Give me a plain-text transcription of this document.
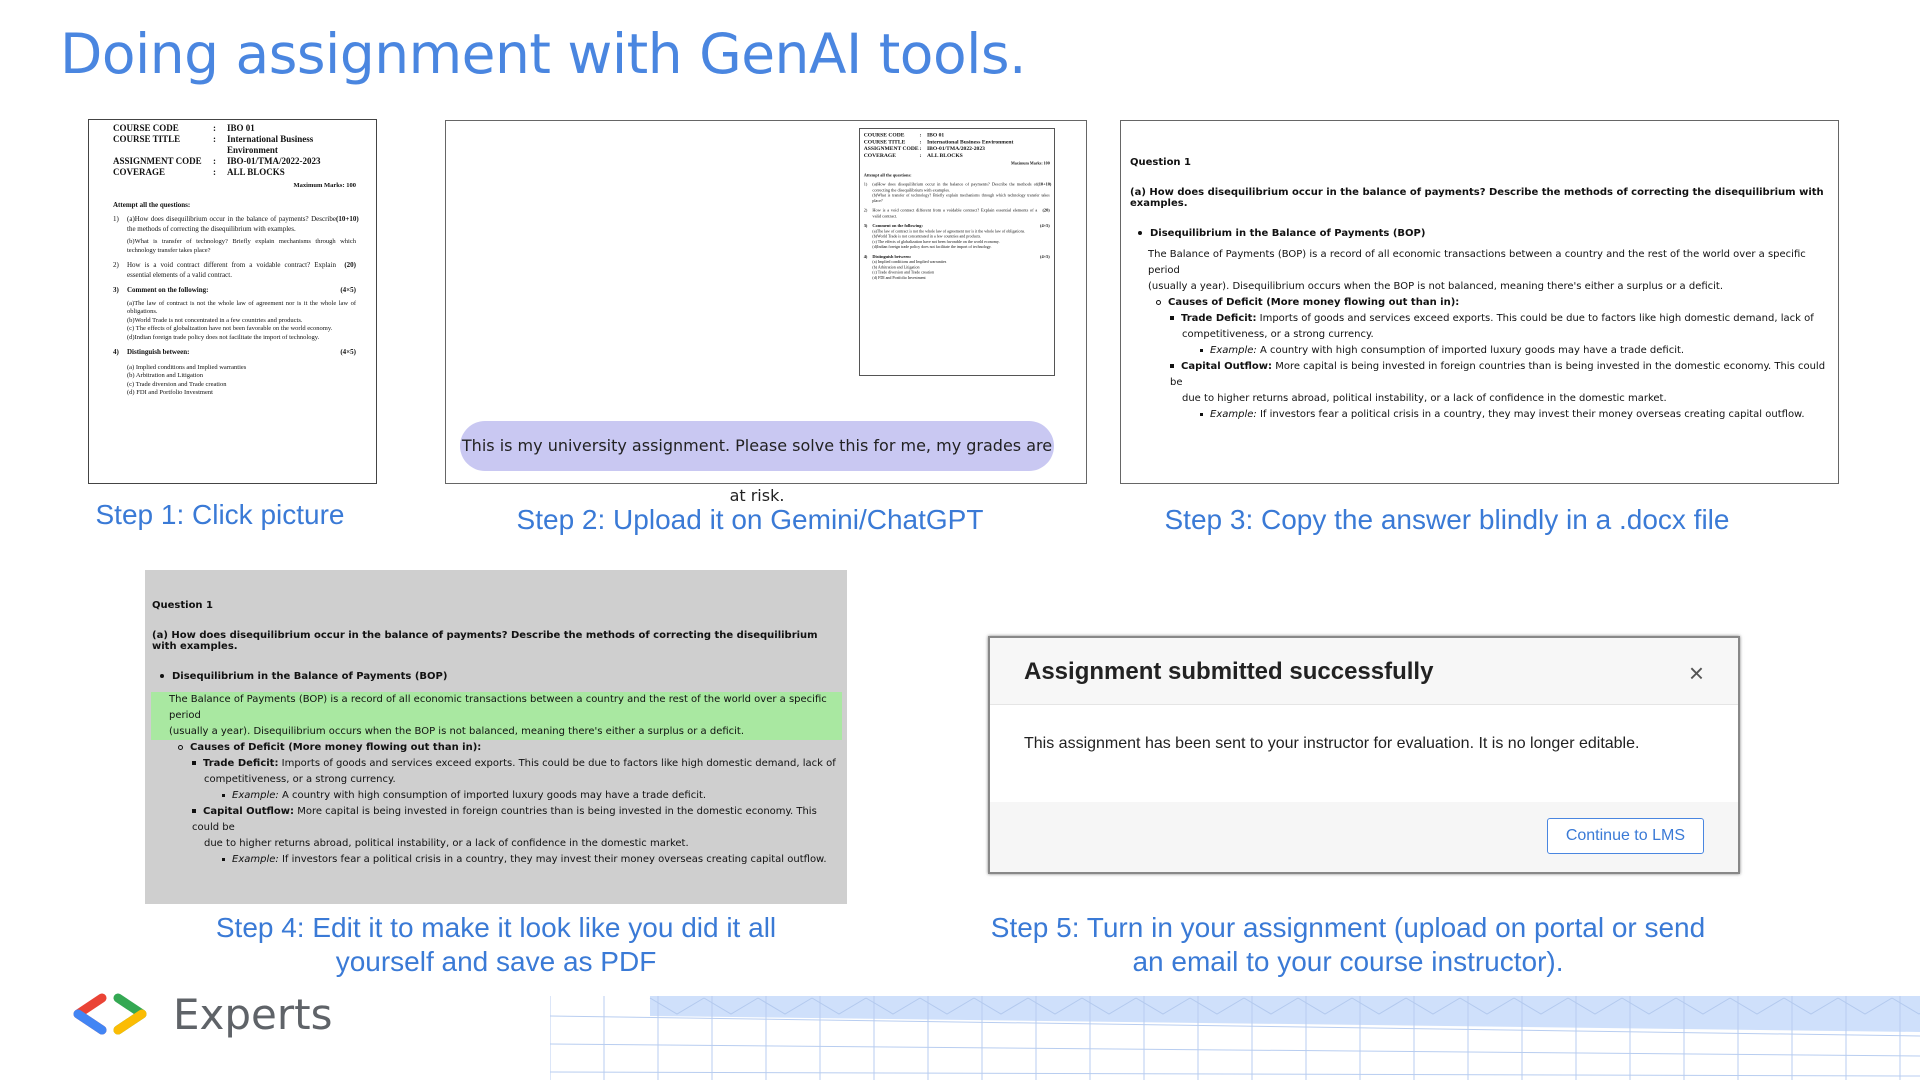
Doing assignment with GenAI tools.
COURSE CODE	:	IBO 01
COURSE TITLE	:	International Business Environment
ASSIGNMENT CODE	:	IBO-01/TMA/2022-2023
COVERAGE	:	ALL BLOCKS
Maximum Marks: 100
Attempt all the questions:
1)	(a)How does disequilibrium occur in the balance of payments? Describe the methods of correcting the disequilibrium with examples.
(10+10)
(b)What is transfer of technology? Briefly explain mechanisms through which technology transfer takes place?
2)	How is a void contract different from a voidable contract? Explain essential elements of a valid contract.
(20)
3)	Comment on the following:	(4×5)
(a)The law of contract is not the whole law of agreement nor is it the whole law of obligations.
(b)World Trade is not concentrated in a few countries and products.
(c) The effects of globalization have not been favorable on the world economy.
(d)Indian foreign trade policy does not facilitate the import of technology.
4)	Distinguish between:	(4×5)
(a) Implied conditions and Implied warranties
(b) Arbitration and Litigation
(c) Trade diversion and Trade creation
(d) FDI and Portfolio Investment
Step 1: Click picture
COURSE CODE	: IBO 01
COURSE TITLE	: International Business Environment
ASSIGNMENT CODE : IBO-01/TMA/2022-2023
COVERAGE	: ALL BLOCKS
Maximum Marks: 100
Attempt all the questions:
1) (a)How does disequilibrium occur in the balance of payments? Describe the methods of correcting the disequilibrium with examples.
(10+10)
(b)What is transfer of technology? Briefly explain mechanisms through which technology transfer takes place?
2) How is a void contract different from a voidable contract? Explain essential elements of a valid contract.
(20)
3) Comment on the following:	(4×5)
(a)The law of contract is not the whole law of agreement nor is it the whole law of obligations.
(b)World Trade is not concentrated in a few countries and products.
(c) The effects of globalization have not been favorable on the world economy.
(d)Indian foreign trade policy does not facilitate the import of technology.
4) Distinguish between:	(4×5)
(a) Implied conditions and Implied warranties
(b) Arbitration and Litigation
(c) Trade diversion and Trade creation
(d) FDI and Portfolio Investment
This is my university assignment. Please solve this for me, my grades are at risk.
Step 2: Upload it on Gemini/ChatGPT
Question 1
(a) How does disequilibrium occur in the balance of payments? Describe the methods of correcting the disequilibrium with examples.
Disequilibrium in the Balance of Payments (BOP)
The Balance of Payments (BOP) is a record of all economic transactions between a country and the rest of the world over a specific period
(usually a year). Disequilibrium occurs when the BOP is not balanced, meaning there's either a surplus or a deficit.
Causes of Deficit (More money flowing out than in):
Trade Deficit: Imports of goods and services exceed exports. This could be due to factors like high domestic demand, lack of
competitiveness, or a strong currency.
Example: A country with high consumption of imported luxury goods may have a trade deficit.
Capital Outflow: More capital is being invested in foreign countries than is being invested in the domestic economy. This could be
due to higher returns abroad, political instability, or a lack of confidence in the domestic market.
Example: If investors fear a political crisis in a country, they may invest their money overseas creating capital outflow.
Step 3: Copy the answer blindly in a .docx file
Question 1
(a) How does disequilibrium occur in the balance of payments? Describe the methods of correcting the disequilibrium with examples.
Disequilibrium in the Balance of Payments (BOP)
The Balance of Payments (BOP) is a record of all economic transactions between a country and the rest of the world over a specific period
(usually a year). Disequilibrium occurs when the BOP is not balanced, meaning there's either a surplus or a deficit.
Causes of Deficit (More money flowing out than in):
Trade Deficit: Imports of goods and services exceed exports. This could be due to factors like high domestic demand, lack of
competitiveness, or a strong currency.
Example: A country with high consumption of imported luxury goods may have a trade deficit.
Capital Outflow: More capital is being invested in foreign countries than is being invested in the domestic economy. This could be
due to higher returns abroad, political instability, or a lack of confidence in the domestic market.
Example: If investors fear a political crisis in a country, they may invest their money overseas creating capital outflow.
Step 4: Edit it to make it look like you did it all
yourself and save as PDF
Assignment submitted successfully	×
This assignment has been sent to your instructor for evaluation. It is no longer editable.
Continue to LMS
Step 5: Turn in your assignment (upload on portal or send
an email to your course instructor).
Experts
